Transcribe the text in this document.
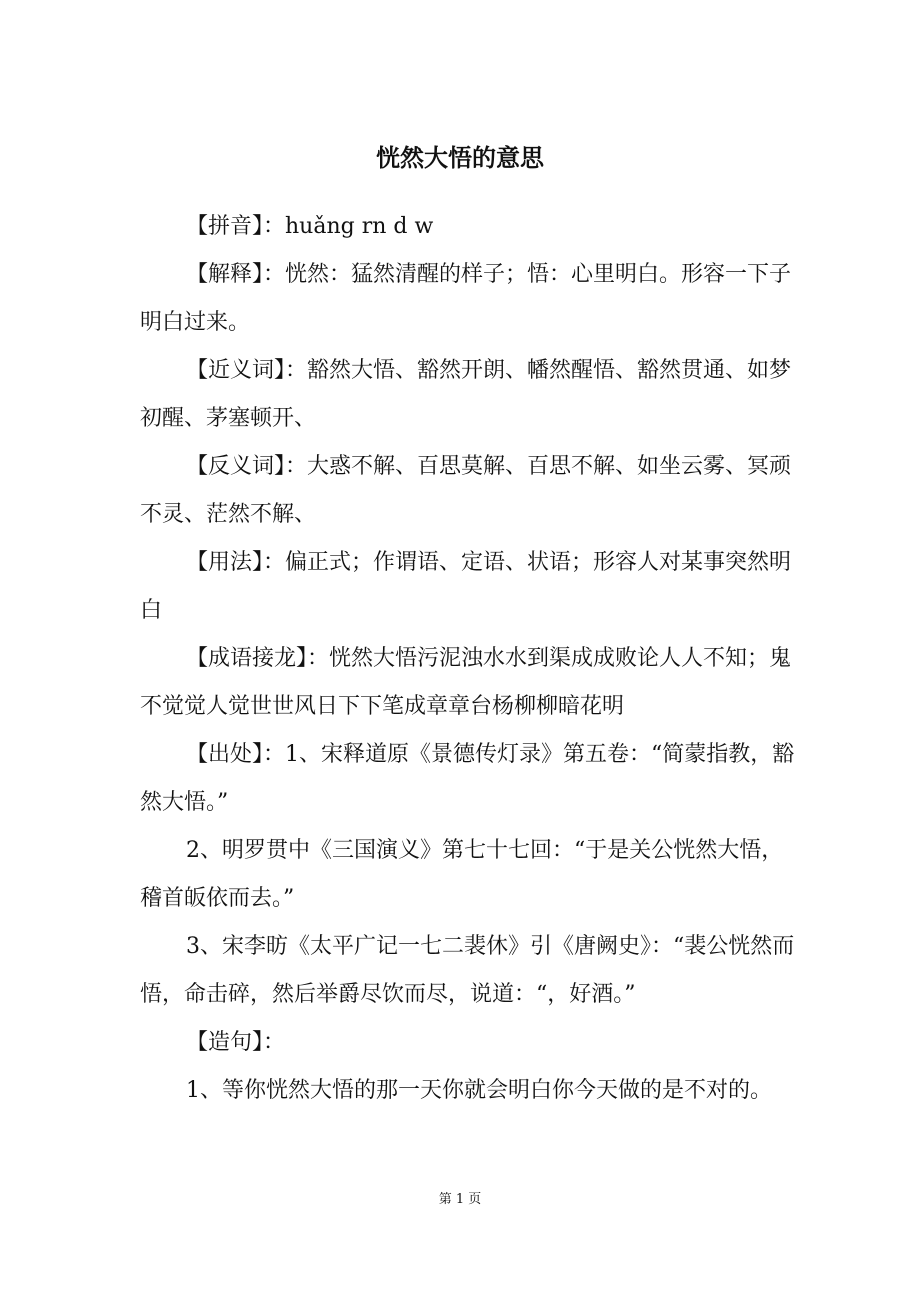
恍然大悟的意思

【拼音】：huǎng rn d w

【解释】：恍然：猛然清醒的样子；悟：心里明白。形容一下子明白过来。

【近义词】：豁然大悟、豁然开朗、幡然醒悟、豁然贯通、如梦初醒、茅塞顿开、

【反义词】：大惑不解、百思莫解、百思不解、如坐云雾、冥顽不灵、茫然不解、

【用法】：偏正式；作谓语、定语、状语；形容人对某事突然明白

【成语接龙】：恍然大悟污泥浊水水到渠成成败论人人不知；鬼不觉觉人觉世世风日下下笔成章章台杨柳柳暗花明

【出处】：1、宋释道原《景德传灯录》第五卷：“简蒙指教，豁然大悟。”

2、明罗贯中《三国演义》第七十七回：“于是关公恍然大悟，稽首皈依而去。”

3、宋李昉《太平广记一七二裴休》引《唐阙史》：“裴公恍然而悟，命击碎，然后举爵尽饮而尽，说道：“，好酒。”

【造句】：

1、等你恍然大悟的那一天你就会明白你今天做的是不对的。

第 1 页
